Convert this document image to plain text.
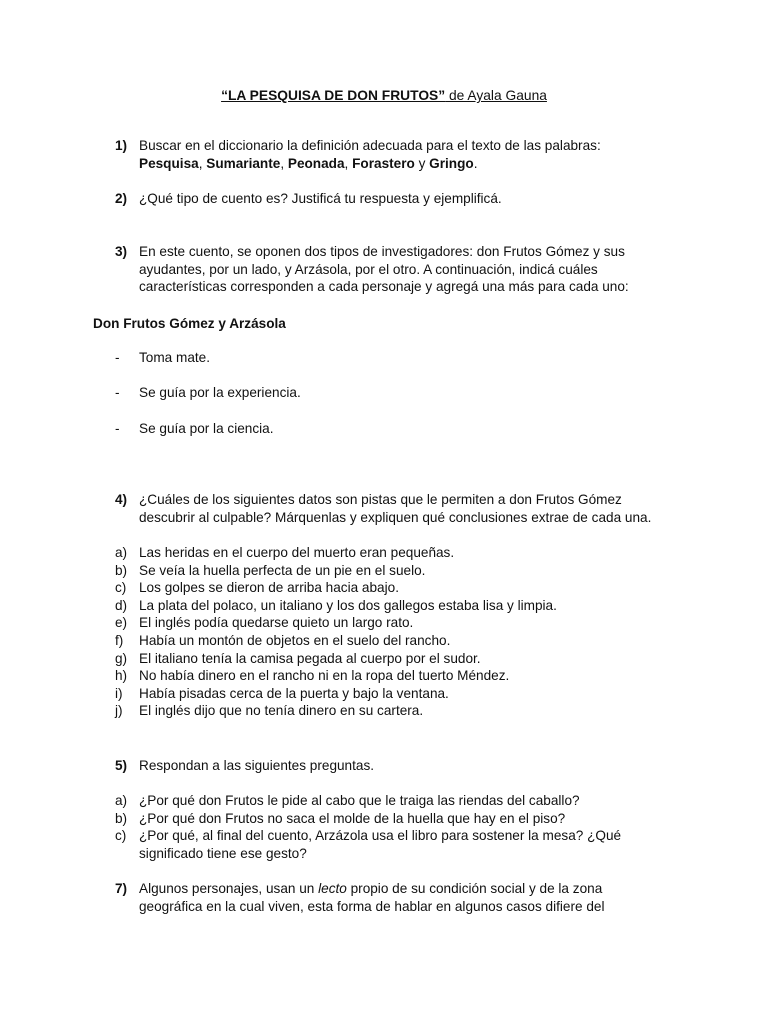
“LA PESQUISA DE DON FRUTOS” de Ayala Gauna
1) Buscar en el diccionario la definición adecuada para el texto de las palabras:
Pesquisa, Sumariante, Peonada, Forastero y Gringo.
2) ¿Qué tipo de cuento es? Justificá tu respuesta y ejemplificá.
3) En este cuento, se oponen dos tipos de investigadores: don Frutos Gómez y sus ayudantes, por un lado, y Arzásola, por el otro. A continuación, indicá cuáles características corresponden a cada personaje y agregá una más para cada uno:
Don Frutos Gómez y Arzásola
- Toma mate.
- Se guía por la experiencia.
- Se guía por la ciencia.
4) ¿Cuáles de los siguientes datos son pistas que le permiten a don Frutos Gómez descubrir al culpable? Márquenlas y expliquen qué conclusiones extrae de cada una.
a) Las heridas en el cuerpo del muerto eran pequeñas.
b) Se veía la huella perfecta de un pie en el suelo.
c) Los golpes se dieron de arriba hacia abajo.
d) La plata del polaco, un italiano y los dos gallegos estaba lisa y limpia.
e) El inglés podía quedarse quieto un largo rato.
f) Había un montón de objetos en el suelo del rancho.
g) El italiano tenía la camisa pegada al cuerpo por el sudor.
h) No había dinero en el rancho ni en la ropa del tuerto Méndez.
i) Había pisadas cerca de la puerta y bajo la ventana.
j) El inglés dijo que no tenía dinero en su cartera.
5) Respondan a las siguientes preguntas.
a) ¿Por qué don Frutos le pide al cabo que le traiga las riendas del caballo?
b) ¿Por qué don Frutos no saca el molde de la huella que hay en el piso?
c) ¿Por qué, al final del cuento, Arzázola usa el libro para sostener la mesa? ¿Qué significado tiene ese gesto?
7) Algunos personajes, usan un lecto propio de su condición social y de la zona geográfica en la cual viven, esta forma de hablar en algunos casos difiere del
